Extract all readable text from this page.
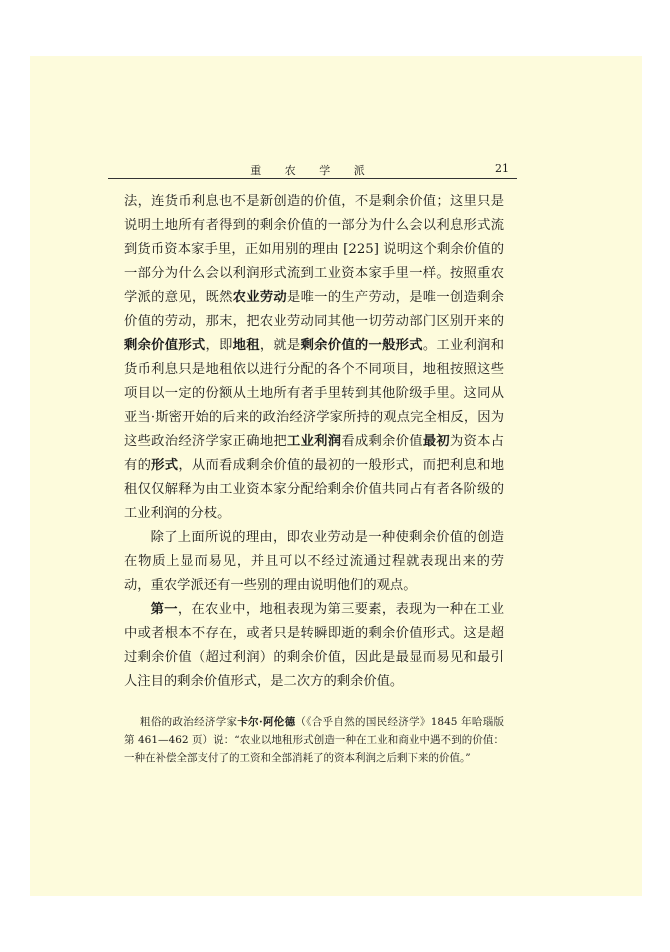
重 农 学 派	21

法，连货币利息也不是新创造的价值，不是剩余价值；这里只是说明土地所有者得到的剩余价值的一部分为什么会以利息形式流到货币资本家手里，正如用别的理由 [225] 说明这个剩余价值的一部分为什么会以利润形式流到工业资本家手里一样。按照重农学派的意见，既然农业劳动是唯一的生产劳动，是唯一创造剩余价值的劳动，那末，把农业劳动同其他一切劳动部门区别开来的剩余价值形式，即地租，就是剩余价值的一般形式。工业利润和货币利息只是地租依以进行分配的各个不同项目，地租按照这些项目以一定的份额从土地所有者手里转到其他阶级手里。这同从亚当·斯密开始的后来的政治经济学家所持的观点完全相反，因为这些政治经济学家正确地把工业利润看成剩余价值最初为资本占有的形式，从而看成剩余价值的最初的一般形式，而把利息和地租仅仅解释为由工业资本家分配给剩余价值共同占有者各阶级的工业利润的分枝。

除了上面所说的理由，即农业劳动是一种使剩余价值的创造在物质上显而易见，并且可以不经过流通过程就表现出来的劳动，重农学派还有一些别的理由说明他们的观点。

第一，在农业中，地租表现为第三要素，表现为一种在工业中或者根本不存在，或者只是转瞬即逝的剩余价值形式。这是超过剩余价值（超过利润）的剩余价值，因此是最显而易见和最引人注目的剩余价值形式，是二次方的剩余价值。

粗俗的政治经济学家卡尔·阿伦德（《合乎自然的国民经济学》1845 年哈瑙版第 461—462 页）说：“农业以地租形式创造一种在工业和商业中遇不到的价值：一种在补偿全部支付了的工资和全部消耗了的资本利润之后剩下来的价值。”
